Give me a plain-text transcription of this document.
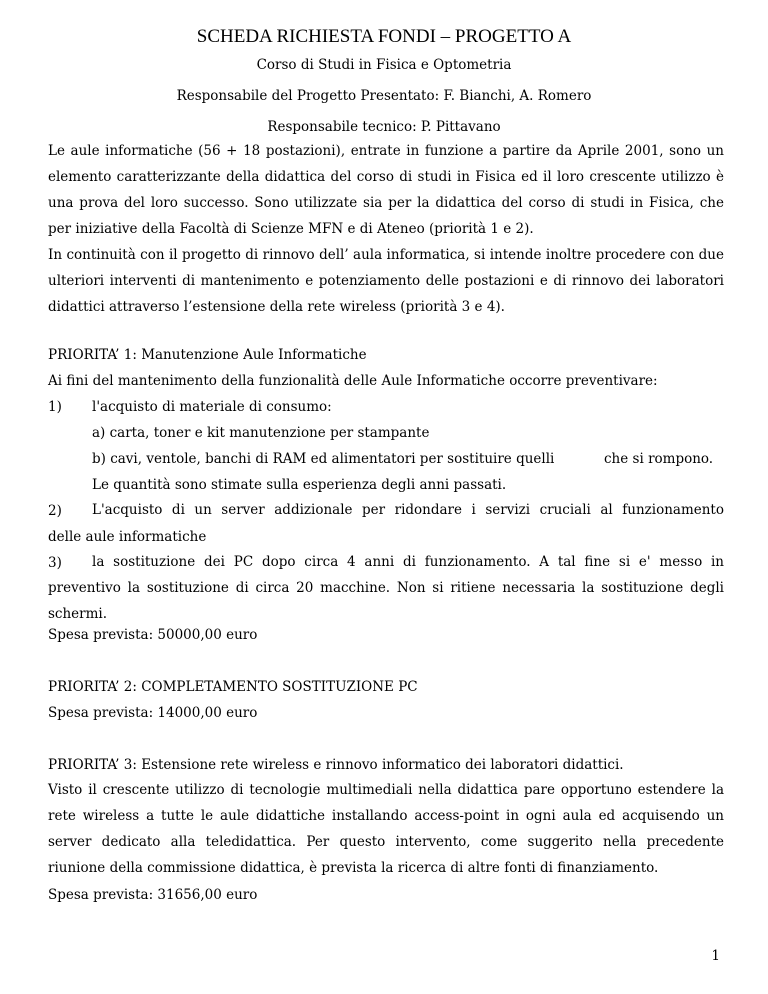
SCHEDA RICHIESTA FONDI – PROGETTO A

Corso di Studi in Fisica e Optometria

Responsabile del Progetto Presentato: F. Bianchi, A. Romero

Responsabile tecnico: P. Pittavano

Le aule informatiche (56 + 18 postazioni), entrate in funzione a partire da Aprile 2001, sono un elemento caratterizzante della didattica del corso di studi in Fisica ed il loro crescente utilizzo è una prova del loro successo. Sono utilizzate sia per la didattica del corso di studi in Fisica, che per iniziative della Facoltà di Scienze MFN e di Ateneo (priorità 1 e 2).

In continuità con il progetto di rinnovo dell’ aula informatica, si intende inoltre procedere con due ulteriori interventi di mantenimento e potenziamento delle postazioni e di rinnovo dei laboratori didattici attraverso l’estensione della rete wireless (priorità 3 e 4).

PRIORITA’ 1: Manutenzione Aule Informatiche
Ai fini del mantenimento della funzionalità delle Aule Informatiche occorre preventivare:
1) l'acquisto di materiale di consumo:
a) carta, toner e kit manutenzione per stampante
b) cavi, ventole, banchi di RAM ed alimentatori per sostituire quelli	che si rompono.
Le quantità sono stimate sulla esperienza degli anni passati.
2) L'acquisto di un server addizionale per ridondare i servizi cruciali al funzionamento

delle aule informatiche
3) la sostituzione dei PC dopo circa 4 anni di funzionamento. A tal fine si e' messo in

preventivo la sostituzione di circa 20 macchine. Non si ritiene necessaria la sostituzione degli schermi.

Spesa prevista: 50000,00 euro
PRIORITA’ 2: COMPLETAMENTO SOSTITUZIONE PC
Spesa prevista: 14000,00 euro
PRIORITA’ 3: Estensione rete wireless e rinnovo informatico dei laboratori didattici.

Visto il crescente utilizzo di tecnologie multimediali nella didattica pare opportuno estendere la rete wireless a tutte le aule didattiche installando access-point in ogni aula ed acquisendo un server dedicato alla teledidattica. Per questo intervento, come suggerito nella precedente riunione della commissione didattica, è prevista la ricerca di altre fonti di finanziamento.

Spesa prevista: 31656,00 euro
1
